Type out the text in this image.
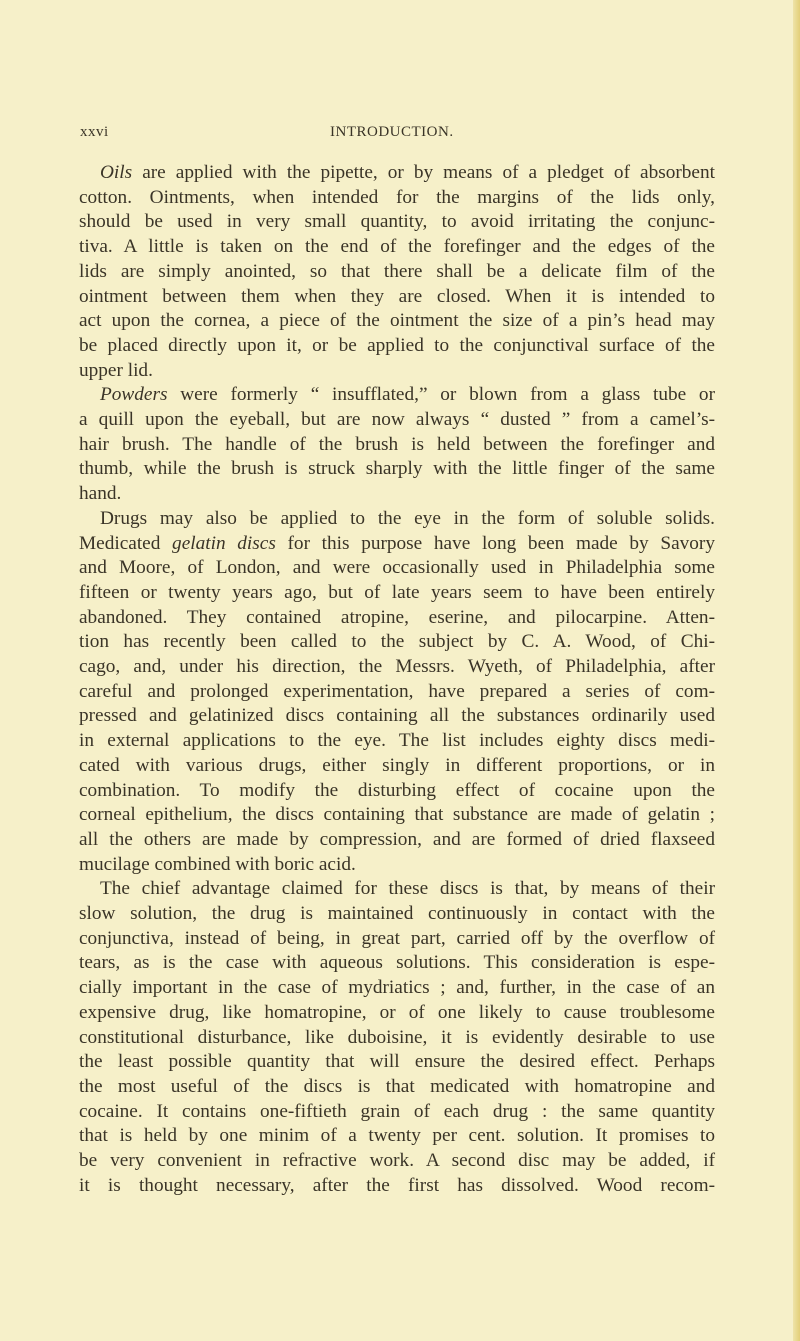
xxvi	INTRODUCTION.
Oils are applied with the pipette, or by means of a pledget of absorbent
cotton. Ointments, when intended for the margins of the lids only,
should be used in very small quantity, to avoid irritating the conjunc-
tiva. A little is taken on the end of the forefinger and the edges of the
lids are simply anointed, so that there shall be a delicate film of the
ointment between them when they are closed. When it is intended to
act upon the cornea, a piece of the ointment the size of a pin’s head may
be placed directly upon it, or be applied to the conjunctival surface of the
upper lid.
Powders were formerly “ insufflated,” or blown from a glass tube or
a quill upon the eyeball, but are now always “ dusted ” from a camel’s-
hair brush. The handle of the brush is held between the forefinger and
thumb, while the brush is struck sharply with the little finger of the same
hand.
Drugs may also be applied to the eye in the form of soluble solids.
Medicated gelatin discs for this purpose have long been made by Savory
and Moore, of London, and were occasionally used in Philadelphia some
fifteen or twenty years ago, but of late years seem to have been entirely
abandoned. They contained atropine, eserine, and pilocarpine. Atten-
tion has recently been called to the subject by C. A. Wood, of Chi-
cago, and, under his direction, the Messrs. Wyeth, of Philadelphia, after
careful and prolonged experimentation, have prepared a series of com-
pressed and gelatinized discs containing all the substances ordinarily used
in external applications to the eye. The list includes eighty discs medi-
cated with various drugs, either singly in different proportions, or in
combination. To modify the disturbing effect of cocaine upon the
corneal epithelium, the discs containing that substance are made of gelatin ;
all the others are made by compression, and are formed of dried flaxseed
mucilage combined with boric acid.
The chief advantage claimed for these discs is that, by means of their
slow solution, the drug is maintained continuously in contact with the
conjunctiva, instead of being, in great part, carried off by the overflow of
tears, as is the case with aqueous solutions. This consideration is espe-
cially important in the case of mydriatics ; and, further, in the case of an
expensive drug, like homatropine, or of one likely to cause troublesome
constitutional disturbance, like duboisine, it is evidently desirable to use
the least possible quantity that will ensure the desired effect. Perhaps
the most useful of the discs is that medicated with homatropine and
cocaine. It contains one-fiftieth grain of each drug : the same quantity
that is held by one minim of a twenty per cent. solution. It promises to
be very convenient in refractive work. A second disc may be added, if
it is thought necessary, after the first has dissolved. Wood recom-
